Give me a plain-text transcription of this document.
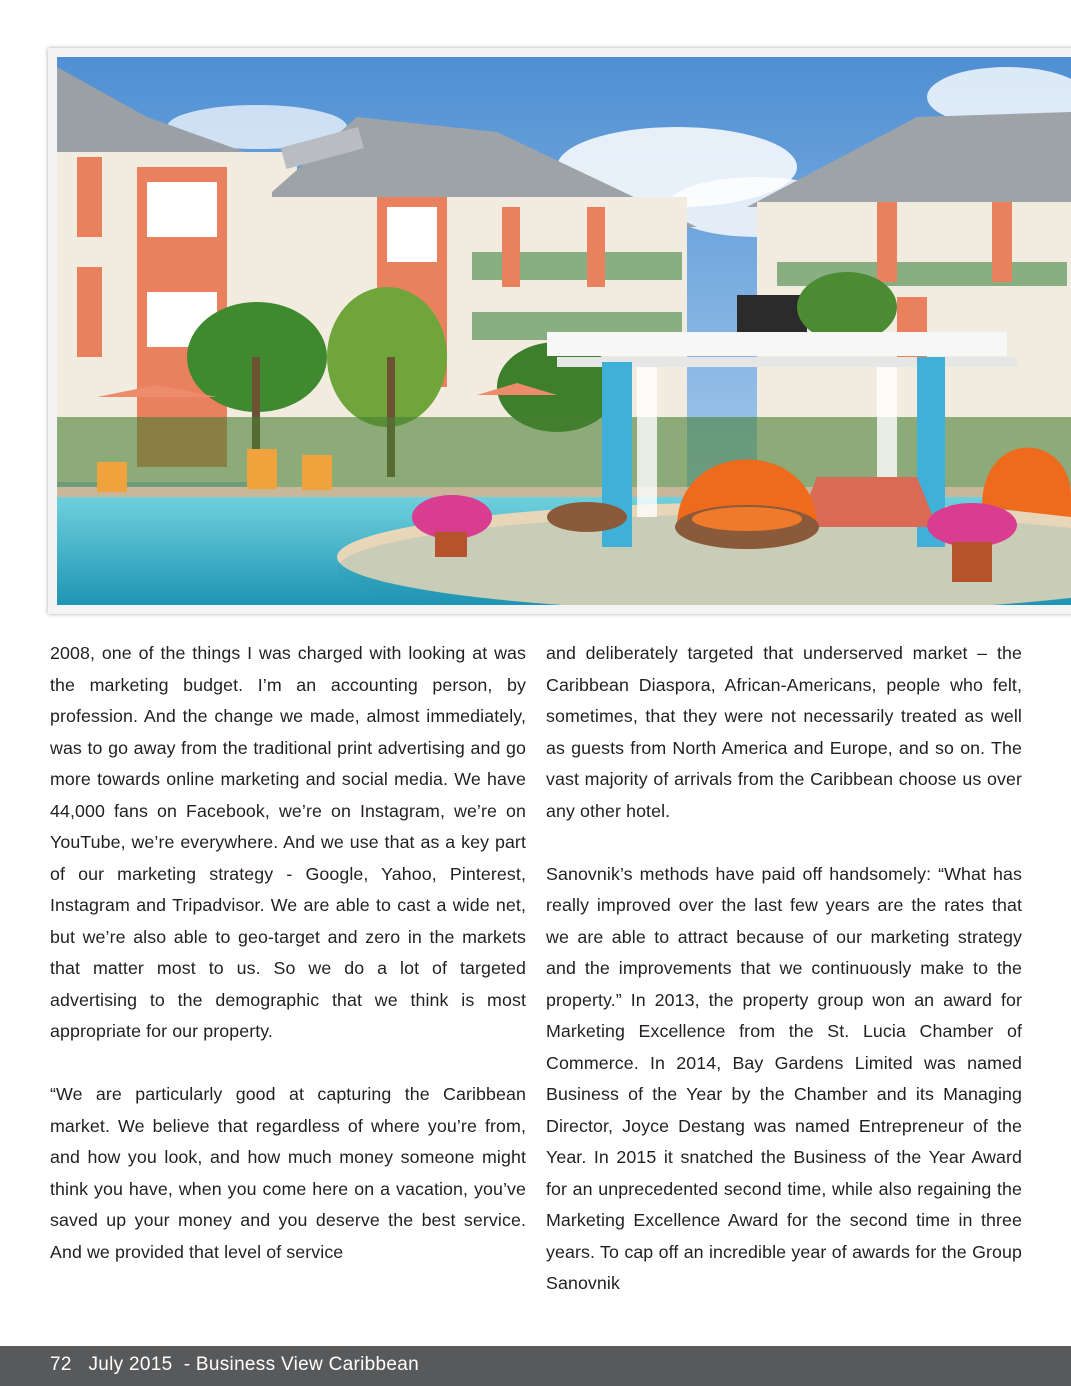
2008, one of the things I was charged with looking at was the marketing budget. I’m an accounting person, by profession. And the change we made, almost immediately, was to go away from the traditional print advertising and go more towards online marketing and social media. We have 44,000 fans on Facebook, we’re on Instagram, we’re on YouTube, we’re everywhere. And we use that as a key part of our marketing strategy - Google, Yahoo, Pinterest, Instagram and Tripadvisor. We are able to cast a wide net, but we’re also able to geo-target and zero in the markets that matter most to us. So we do a lot of targeted advertising to the demographic that we think is most appropriate for our property.

“We are particularly good at capturing the Caribbean market. We believe that regardless of where you’re from, and how you look, and how much money someone might think you have, when you come here on a vacation, you’ve saved up your money and you deserve the best service. And we provided that level of service

and deliberately targeted that underserved market – the Caribbean Diaspora, African-Americans, people who felt, sometimes, that they were not necessarily treated as well as guests from North America and Europe, and so on. The vast majority of arrivals from the Caribbean choose us over any other hotel.

Sanovnik’s methods have paid off handsomely: “What has really improved over the last few years are the rates that we are able to attract because of our marketing strategy and the improvements that we continuously make to the property.” In 2013, the property group won an award for Marketing Excellence from the St. Lucia Chamber of Commerce. In 2014, Bay Gardens Limited was named Business of the Year by the Chamber and its Managing Director, Joyce Destang was named Entrepreneur of the Year. In 2015 it snatched the Business of the Year Award for an unprecedented second time, while also regaining the Marketing Excellence Award for the second time in three years. To cap off an incredible year of awards for the Group Sanovnik

72 July 2015 - Business View Caribbean
